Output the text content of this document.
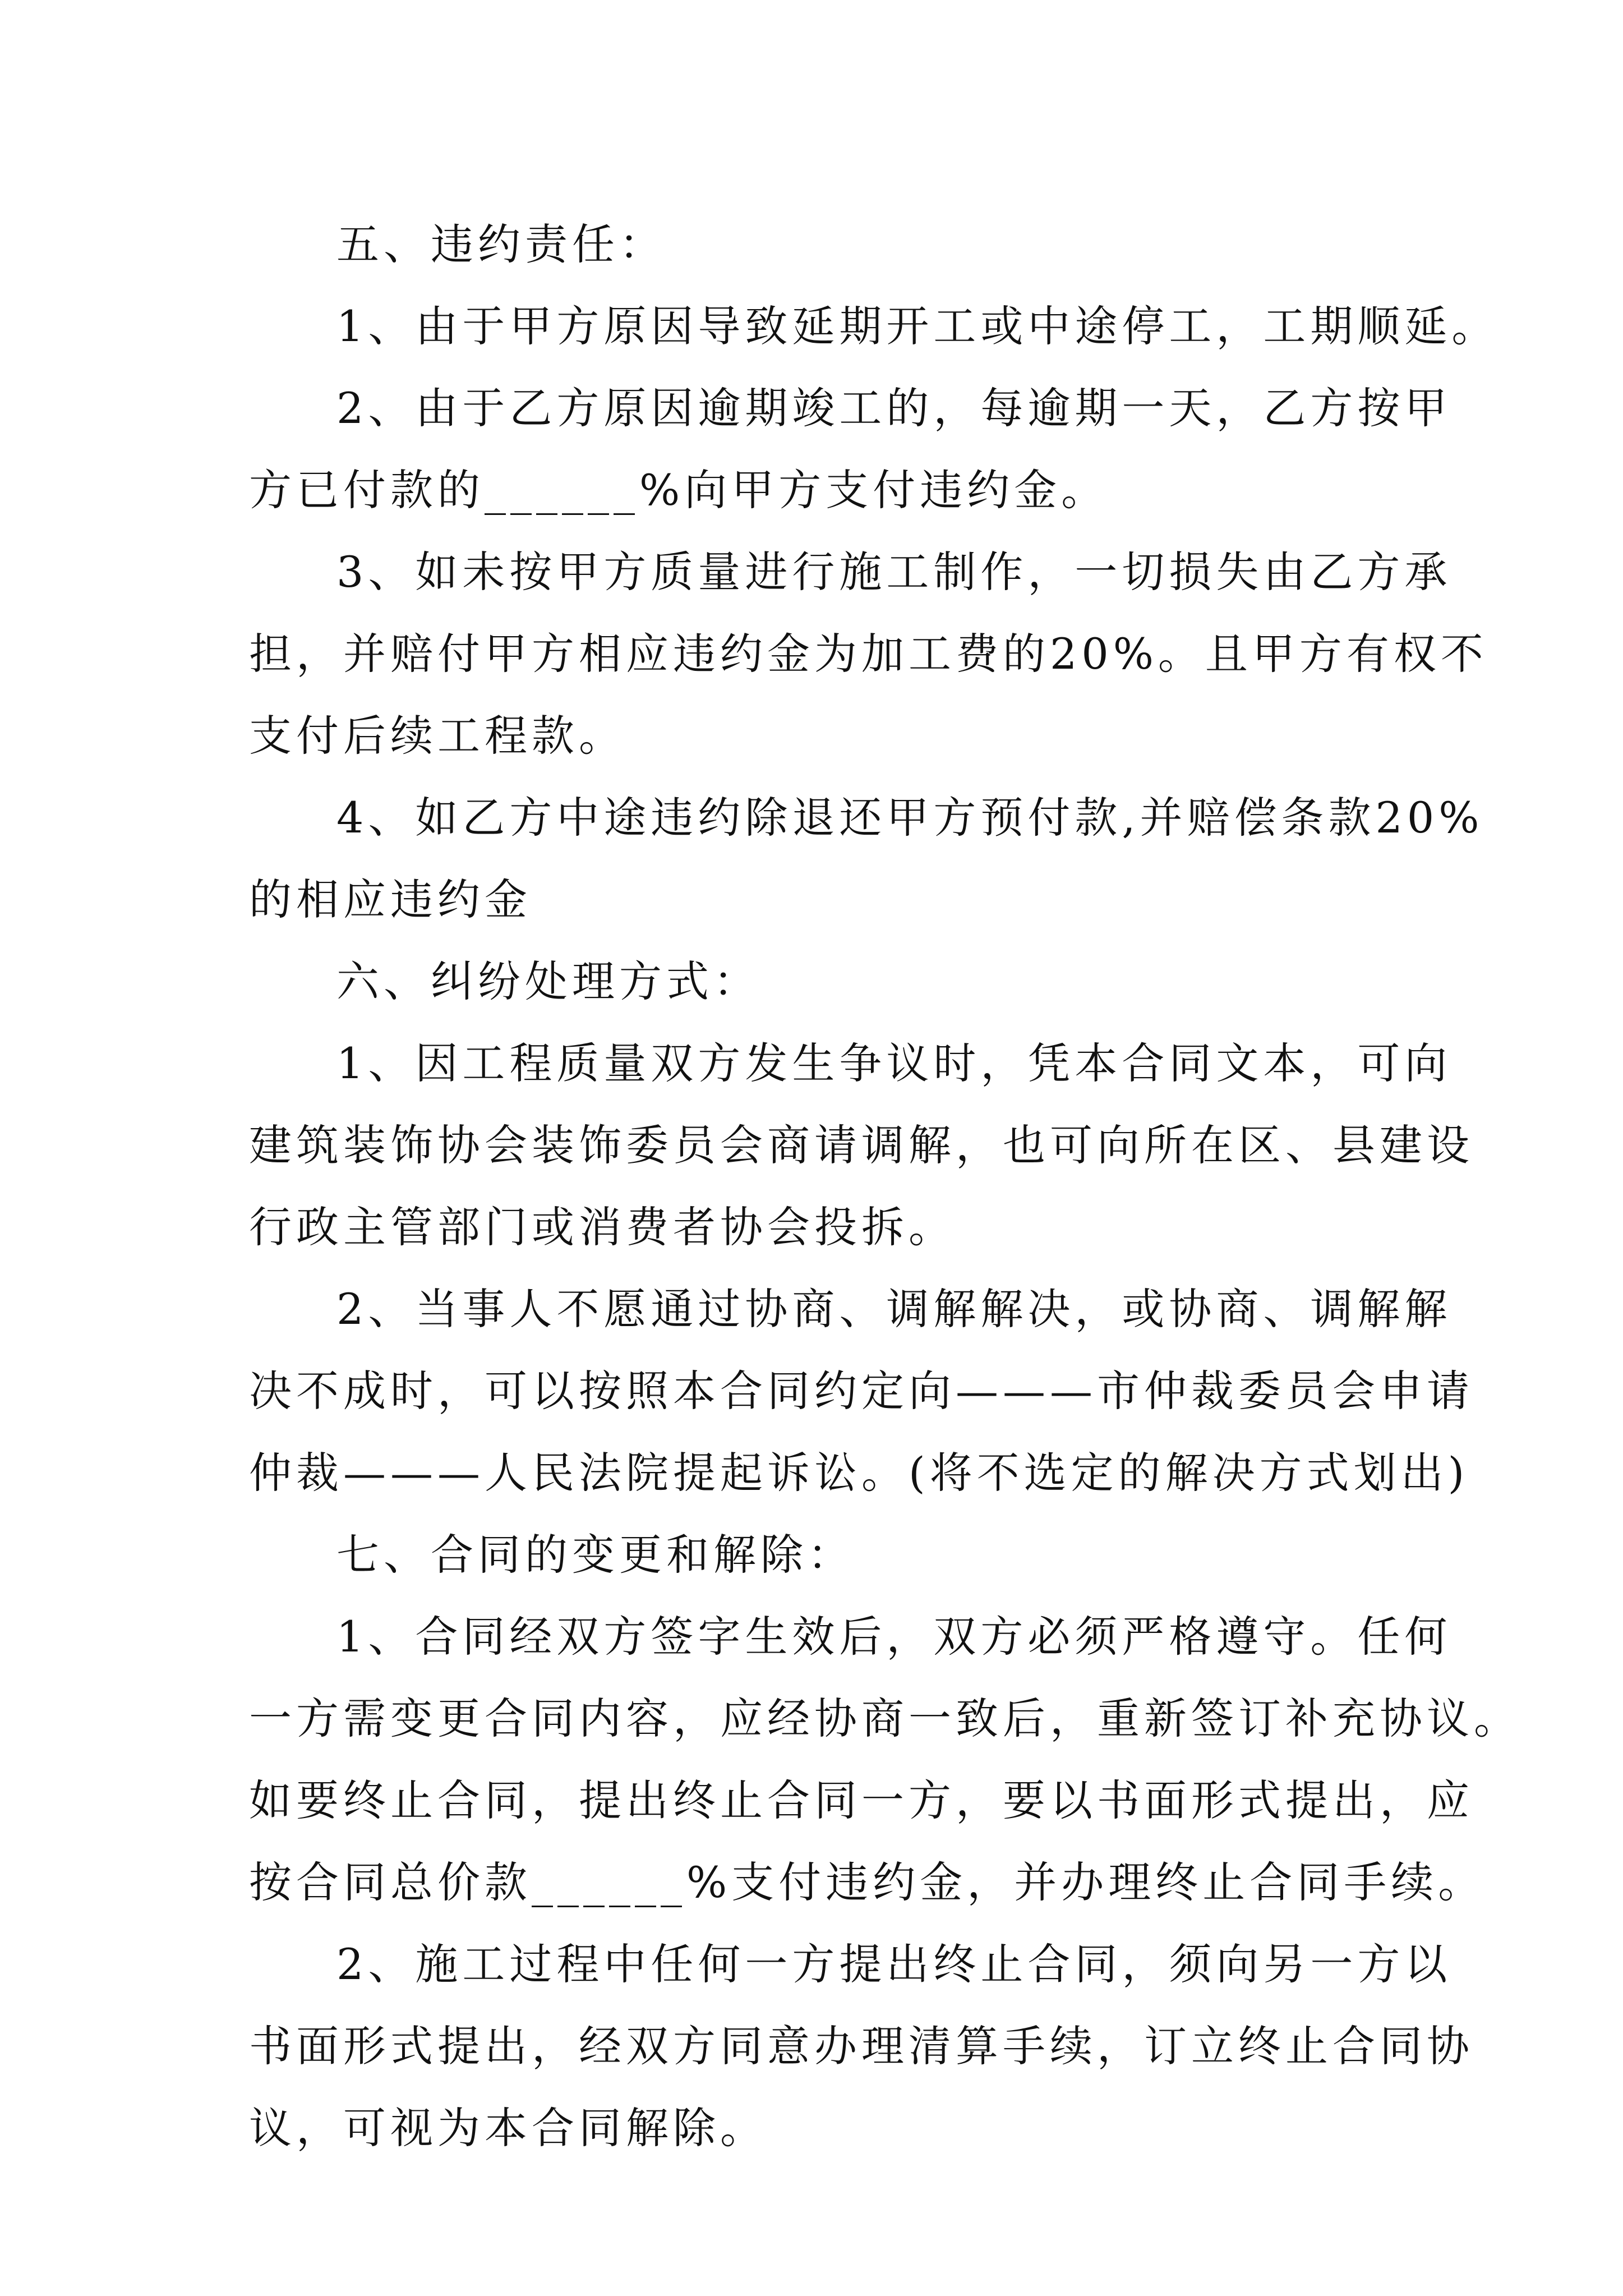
五、违约责任：
1、由于甲方原因导致延期开工或中途停工，工期顺延。
2、由于乙方原因逾期竣工的，每逾期一天，乙方按甲
方已付款的______%向甲方支付违约金。
3、如未按甲方质量进行施工制作，一切损失由乙方承
担，并赔付甲方相应违约金为加工费的20%。且甲方有权不
支付后续工程款。
4、如乙方中途违约除退还甲方预付款,并赔偿条款20%
的相应违约金
六、纠纷处理方式：
1、因工程质量双方发生争议时，凭本合同文本，可向
建筑装饰协会装饰委员会商请调解，也可向所在区、县建设
行政主管部门或消费者协会投拆。
2、当事人不愿通过协商、调解解决，或协商、调解解
决不成时，可以按照本合同约定向———市仲裁委员会申请
仲裁———人民法院提起诉讼。(将不选定的解决方式划出)
七、合同的变更和解除：
1、合同经双方签字生效后，双方必须严格遵守。任何
一方需变更合同内容，应经协商一致后，重新签订补充协议。
如要终止合同，提出终止合同一方，要以书面形式提出，应
按合同总价款______%支付违约金，并办理终止合同手续。
2、施工过程中任何一方提出终止合同，须向另一方以
书面形式提出，经双方同意办理清算手续，订立终止合同协
议，可视为本合同解除。
